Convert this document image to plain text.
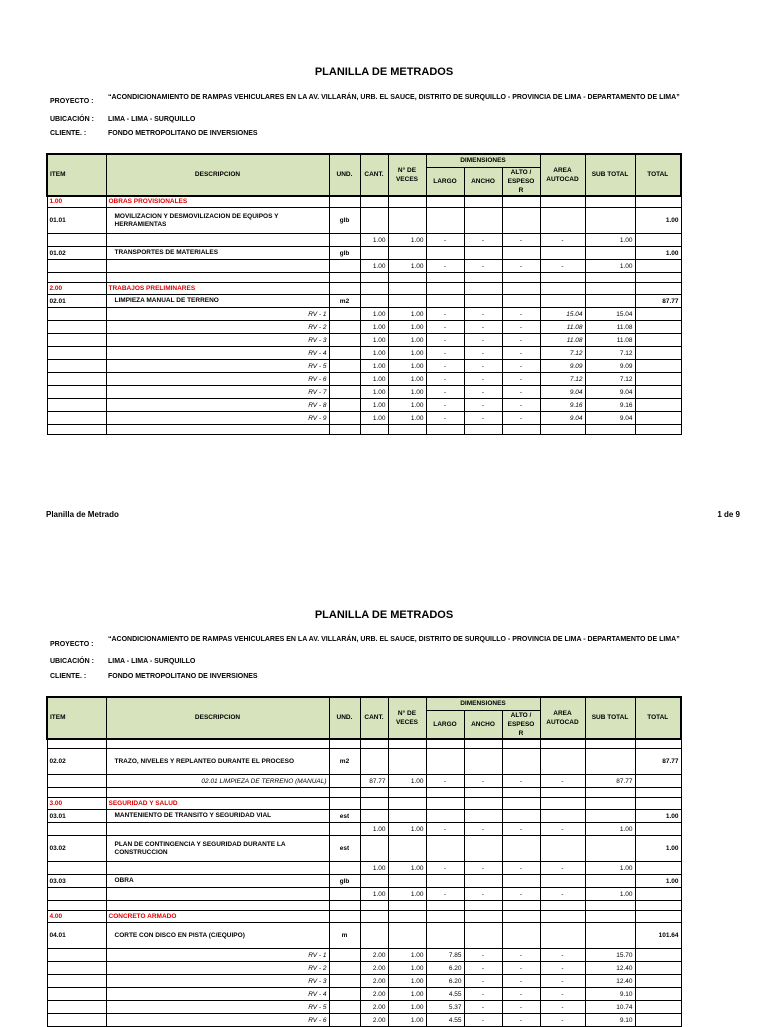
PLANILLA DE METRADOS
PROYECTO :
“ACONDICIONAMIENTO DE RAMPAS VEHICULARES EN LA AV. VILLARÁN, URB. EL SAUCE, DISTRITO DE SURQUILLO - PROVINCIA DE LIMA - DEPARTAMENTO DE LIMA”
UBICACIÓN : LIMA - LIMA - SURQUILLO
CLIENTE. :	FONDO METROPOLITANO DE INVERSIONES
ITEM	DESCRIPCION	UND.	CANT.	N° DE VECES	DIMENSIONES			AREA AUTOCAD	SUB TOTAL	TOTAL
					LARGO	ANCHO	ALTO / ESPESO R			
1.00	OBRAS PROVISIONALES									
01.01	MOVILIZACION Y DESMOVILIZACION DE EQUIPOS Y HERRAMIENTAS	glb								1.00
			1.00	1.00	-	-	-	-	1.00	
01.02	TRANSPORTES DE MATERIALES	glb								1.00
			1.00	1.00	-	-	-	-	1.00	

2.00	TRABAJOS PRELIMINARES									
02.01	LIMPIEZA MANUAL DE TERRENO	m2								87.77
	RV - 1		1.00	1.00	-	-	-	15.04	15.04	
	RV - 2		1.00	1.00	-	-	-	11.08	11.08	
	RV - 3		1.00	1.00	-	-	-	11.08	11.08	
	RV - 4		1.00	1.00	-	-	-	7.12	7.12	
	RV - 5		1.00	1.00	-	-	-	9.09	9.09	
	RV - 6		1.00	1.00	-	-	-	7.12	7.12	
	RV - 7		1.00	1.00	-	-	-	9.04	9.04	
	RV - 8		1.00	1.00	-	-	-	9.16	9.16	
	RV - 9		1.00	1.00	-	-	-	9.04	9.04	

Planilla de Metrado	1 de 9
PLANILLA DE METRADOS
PROYECTO :
“ACONDICIONAMIENTO DE RAMPAS VEHICULARES EN LA AV. VILLARÁN, URB. EL SAUCE, DISTRITO DE SURQUILLO - PROVINCIA DE LIMA - DEPARTAMENTO DE LIMA”
UBICACIÓN : LIMA - LIMA - SURQUILLO
CLIENTE. :	FONDO METROPOLITANO DE INVERSIONES
ITEM	DESCRIPCION	UND.	CANT.	N° DE VECES	DIMENSIONES			AREA AUTOCAD	SUB TOTAL	TOTAL
					LARGO	ANCHO	ALTO / ESPESO R			

02.02	TRAZO, NIVELES Y REPLANTEO DURANTE EL PROCESO	m2								87.77
	02.01 LIMPIEZA DE TERRENO (MANUAL)		87.77	1.00	-	-	-	-	87.77	

3.00	SEGURIDAD Y SALUD									
03.01	MANTENIENTO DE TRANSITO Y SEGURIDAD VIAL	est								1.00
			1.00	1.00	-	-	-	-	1.00	
03.02	PLAN DE CONTINGENCIA Y SEGURIDAD DURANTE LA CONSTRUCCION	est								1.00
			1.00	1.00	-	-	-	-	1.00	
03.03	OBRA	glb								1.00
			1.00	1.00	-	-	-	-	1.00	

4.00	CONCRETO ARMADO									
04.01	CORTE CON DISCO EN PISTA (C/EQUIPO)	m								101.64
	RV - 1		2.00	1.00	7.85	-	-	-	15.70	
	RV - 2		2.00	1.00	6.20	-	-	-	12.40	
	RV - 3		2.00	1.00	6.20	-	-	-	12.40	
	RV - 4		2.00	1.00	4.55	-	-	-	9.10	
	RV - 5		2.00	1.00	5.37	-	-	-	10.74	
	RV - 6		2.00	1.00	4.55	-	-	-	9.10	
